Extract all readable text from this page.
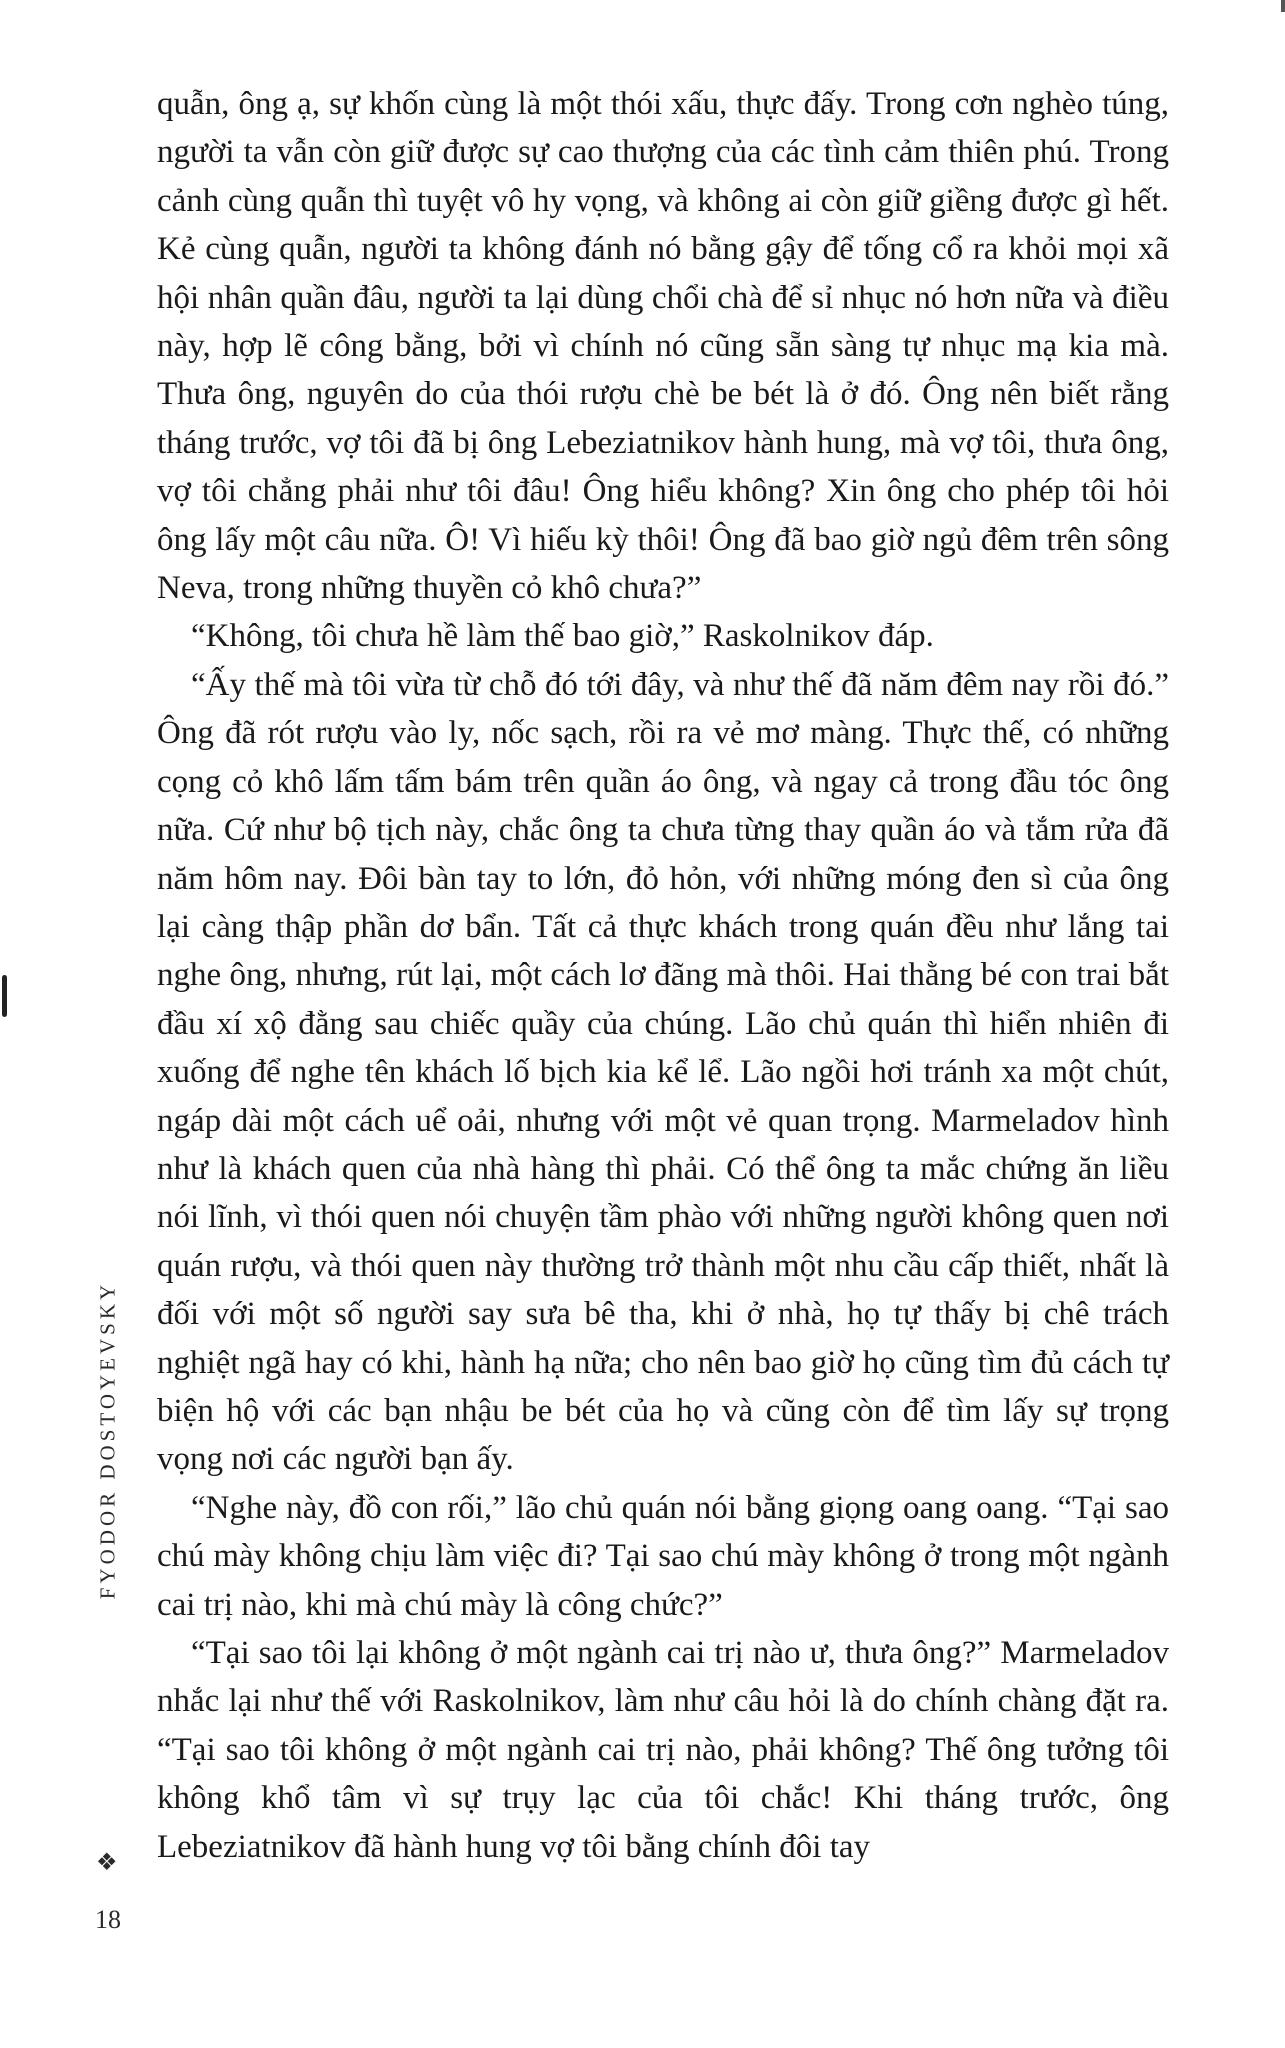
quẫn, ông ạ, sự khốn cùng là một thói xấu, thực đấy. Trong cơn nghèo túng, người ta vẫn còn giữ được sự cao thượng của các tình cảm thiên phú. Trong cảnh cùng quẫn thì tuyệt vô hy vọng, và không ai còn giữ giềng được gì hết. Kẻ cùng quẫn, người ta không đánh nó bằng gậy để tống cổ ra khỏi mọi xã hội nhân quần đâu, người ta lại dùng chổi chà để sỉ nhục nó hơn nữa và điều này, hợp lẽ công bằng, bởi vì chính nó cũng sẵn sàng tự nhục mạ kia mà. Thưa ông, nguyên do của thói rượu chè be bét là ở đó. Ông nên biết rằng tháng trước, vợ tôi đã bị ông Lebeziatnikov hành hung, mà vợ tôi, thưa ông, vợ tôi chẳng phải như tôi đâu! Ông hiểu không? Xin ông cho phép tôi hỏi ông lấy một câu nữa. Ô! Vì hiếu kỳ thôi! Ông đã bao giờ ngủ đêm trên sông Neva, trong những thuyền cỏ khô chưa?”

“Không, tôi chưa hề làm thế bao giờ,” Raskolnikov đáp.

“Ấy thế mà tôi vừa từ chỗ đó tới đây, và như thế đã năm đêm nay rồi đó.” Ông đã rót rượu vào ly, nốc sạch, rồi ra vẻ mơ màng. Thực thế, có những cọng cỏ khô lấm tấm bám trên quần áo ông, và ngay cả trong đầu tóc ông nữa. Cứ như bộ tịch này, chắc ông ta chưa từng thay quần áo và tắm rửa đã năm hôm nay. Đôi bàn tay to lớn, đỏ hỏn, với những móng đen sì của ông lại càng thập phần dơ bẩn. Tất cả thực khách trong quán đều như lắng tai nghe ông, nhưng, rút lại, một cách lơ đãng mà thôi. Hai thằng bé con trai bắt đầu xí xộ đằng sau chiếc quầy của chúng. Lão chủ quán thì hiển nhiên đi xuống để nghe tên khách lố bịch kia kể lể. Lão ngồi hơi tránh xa một chút, ngáp dài một cách uể oải, nhưng với một vẻ quan trọng. Marmeladov hình như là khách quen của nhà hàng thì phải. Có thể ông ta mắc chứng ăn liều nói lĩnh, vì thói quen nói chuyện tầm phào với những người không quen nơi quán rượu, và thói quen này thường trở thành một nhu cầu cấp thiết, nhất là đối với một số người say sưa bê tha, khi ở nhà, họ tự thấy bị chê trách nghiệt ngã hay có khi, hành hạ nữa; cho nên bao giờ họ cũng tìm đủ cách tự biện hộ với các bạn nhậu be bét của họ và cũng còn để tìm lấy sự trọng vọng nơi các người bạn ấy.

“Nghe này, đồ con rối,” lão chủ quán nói bằng giọng oang oang. “Tại sao chú mày không chịu làm việc đi? Tại sao chú mày không ở trong một ngành cai trị nào, khi mà chú mày là công chức?”

“Tại sao tôi lại không ở một ngành cai trị nào ư, thưa ông?” Marmeladov nhắc lại như thế với Raskolnikov, làm như câu hỏi là do chính chàng đặt ra. “Tại sao tôi không ở một ngành cai trị nào, phải không? Thế ông tưởng tôi không khổ tâm vì sự trụy lạc của tôi chắc! Khi tháng trước, ông Lebeziatnikov đã hành hung vợ tôi bằng chính đôi tay

FYODOR DOSTOYEVSKY
❖
18
